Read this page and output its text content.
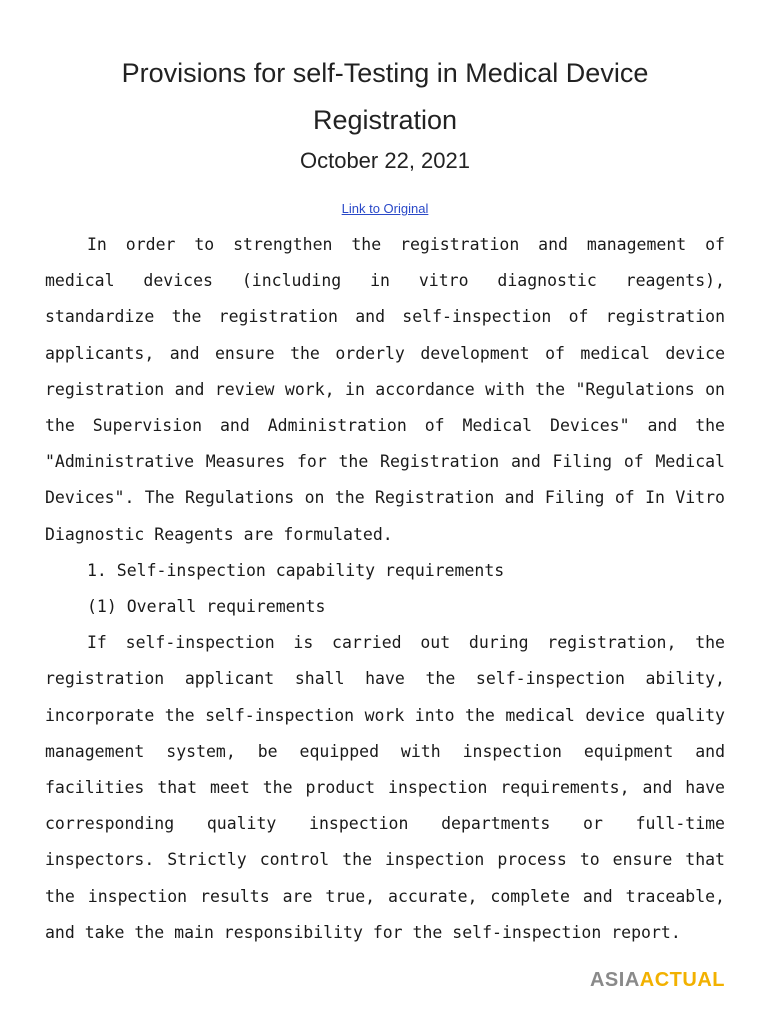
Provisions for self-Testing in Medical Device Registration
October 22, 2021
Link to Original

In order to strengthen the registration and management of medical devices (including in vitro diagnostic reagents), standardize the registration and self-inspection of registration applicants, and ensure the orderly development of medical device registration and review work, in accordance with the "Regulations on the Supervision and Administration of Medical Devices" and the "Administrative Measures for the Registration and Filing of Medical Devices". The Regulations on the Registration and Filing of In Vitro Diagnostic Reagents are formulated.

1. Self-inspection capability requirements

(1) Overall requirements

If self-inspection is carried out during registration, the registration applicant shall have the self-inspection ability, incorporate the self-inspection work into the medical device quality management system, be equipped with inspection equipment and facilities that meet the product inspection requirements, and have corresponding quality inspection departments or full-time inspectors. Strictly control the inspection process to ensure that the inspection results are true, accurate, complete and traceable, and take the main responsibility for the self-inspection report.

ASIAACTUAL
